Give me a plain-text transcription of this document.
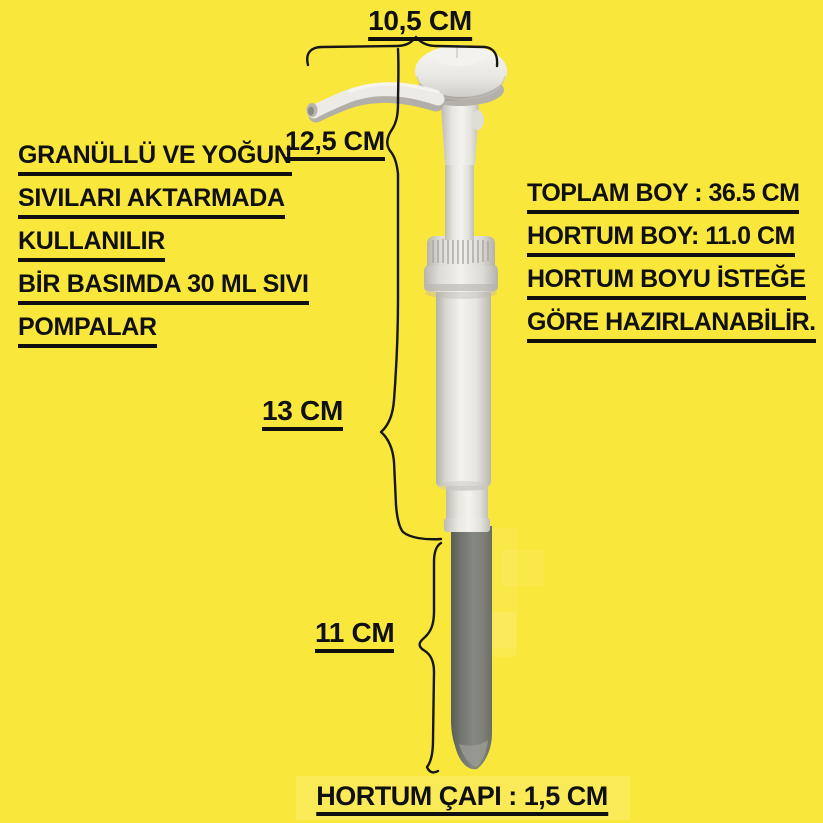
10,5 CM
GRANÜLLÜ VE YOĞUN
SIVILARI AKTARMADA
KULLANILIR
BİR BASIMDA 30 ML SIVI
POMPALAR
12,5 CM
TOPLAM BOY : 36.5 CM
HORTUM BOY: 11.0 CM
HORTUM BOYU İSTEĞE
GÖRE HAZIRLANABİLİR.
13 CM
11 CM
HORTUM ÇAPI : 1,5 CM
